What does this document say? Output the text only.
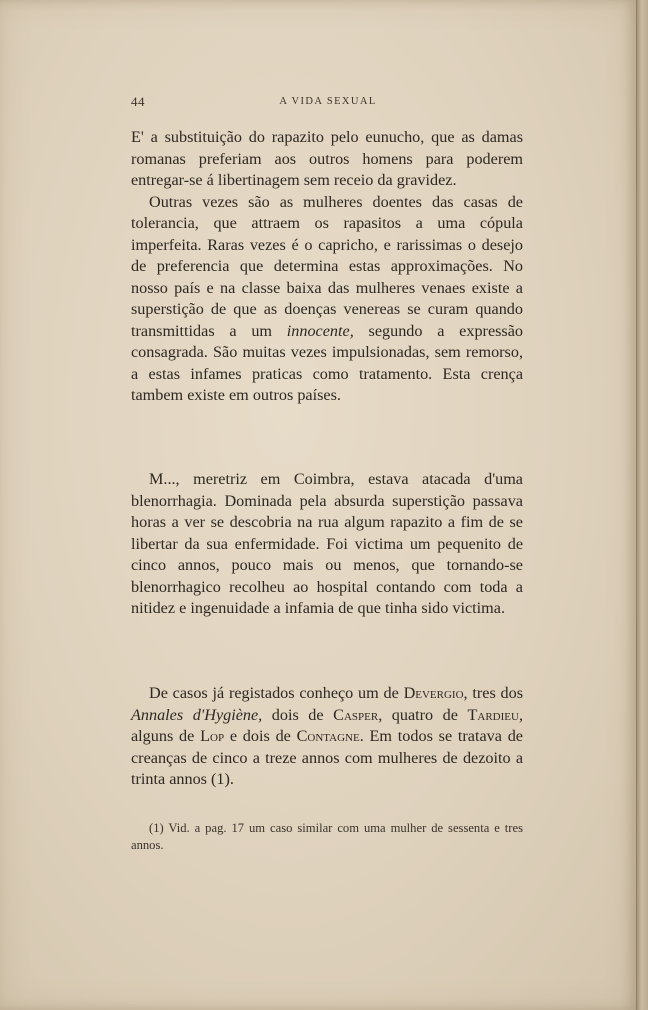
44	A VIDA SEXUAL

E' a substituição do rapazito pelo eunucho, que as damas romanas preferiam aos outros homens para poderem entregar-se á libertinagem sem receio da gravidez.

Outras vezes são as mulheres doentes das casas de tolerancia, que attraem os rapasitos a uma cópula imperfeita. Raras vezes é o capricho, e rarissimas o desejo de preferencia que determina estas approximações. No nosso país e na classe baixa das mulheres venaes existe a superstição de que as doenças venereas se curam quando transmittidas a um innocente, segundo a expressão consagrada. São muitas vezes impulsionadas, sem remorso, a estas infames praticas como tratamento. Esta crença tambem existe em outros países.

M..., meretriz em Coimbra, estava atacada d'uma blenorrhagia. Dominada pela absurda superstição passava horas a ver se descobria na rua algum rapazito a fim de se libertar da sua enfermidade. Foi victima um pequenito de cinco annos, pouco mais ou menos, que tornando-se blenorrhagico recolheu ao hospital contando com toda a nitidez e ingenuidade a infamia de que tinha sido victima.

De casos já registados conheço um de Devergio, tres dos Annales d'Hygiène, dois de Casper, quatro de Tardieu, alguns de Lop e dois de Contagne. Em todos se tratava de creanças de cinco a treze annos com mulheres de dezoito a trinta annos (1).

(1) Vid. a pag. 17 um caso similar com uma mulher de sessenta e tres annos.
